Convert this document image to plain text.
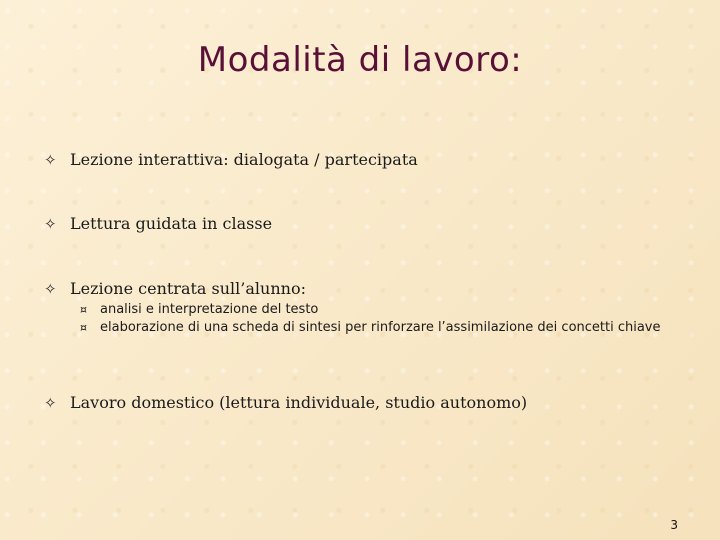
Modalità di lavoro:
✧ Lezione interattiva: dialogata / partecipata
✧ Lettura guidata in classe
✧ Lezione centrata sull’alunno:
¤	analisi e interpretazione del testo
¤	elaborazione di una scheda di sintesi per rinforzare l’assimilazione dei concetti chiave
✧ Lavoro domestico (lettura individuale, studio autonomo)
3
